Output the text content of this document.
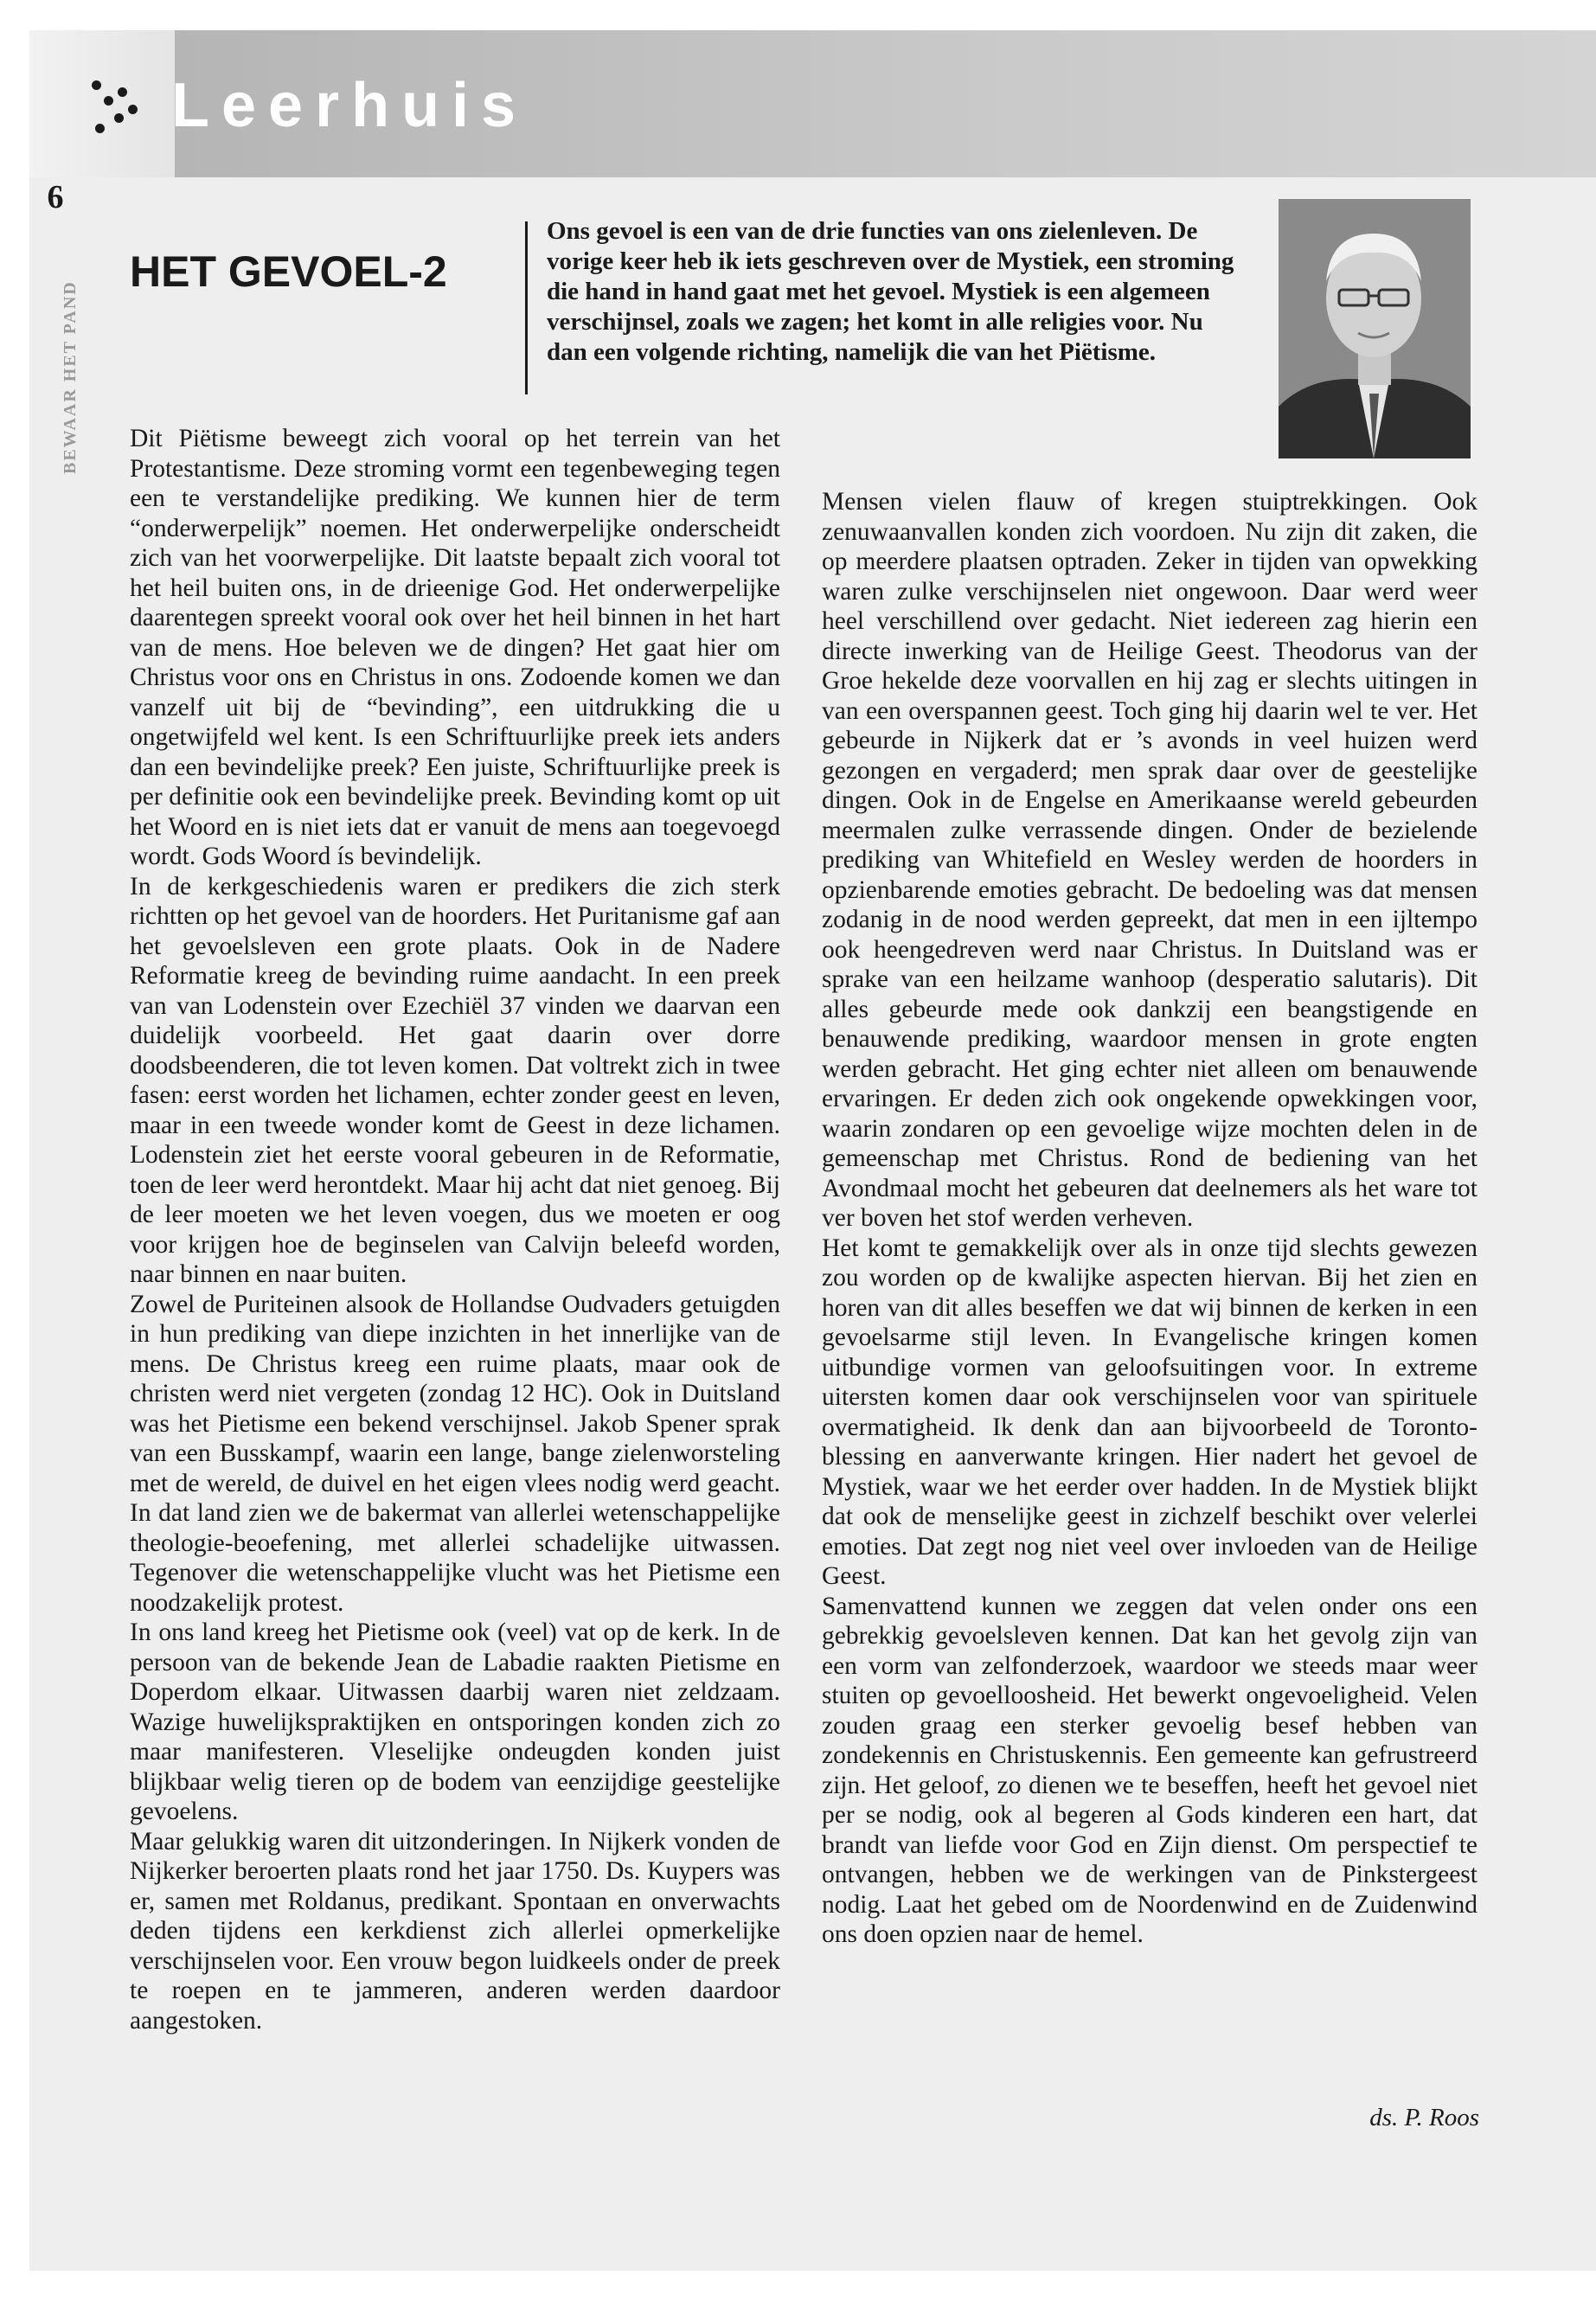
Leerhuis
6
BEWAAR HET PAND
HET GEVOEL-2
Ons gevoel is een van de drie functies van ons zielenleven. De vorige keer heb ik iets geschreven over de Mystiek, een stroming die hand in hand gaat met het gevoel. Mystiek is een algemeen verschijnsel, zoals we zagen; het komt in alle religies voor. Nu dan een volgende richting, namelijk die van het Piëtisme.

Dit Piëtisme beweegt zich vooral op het terrein van het Protestantisme. Deze stroming vormt een tegenbeweging tegen een te verstandelijke prediking. We kunnen hier de term “onderwerpelijk” noemen. Het onderwerpelijke onderscheidt zich van het voorwerpelijke. Dit laatste bepaalt zich vooral tot het heil buiten ons, in de drieenige God. Het onderwerpelijke daarentegen spreekt vooral ook over het heil binnen in het hart van de mens. Hoe beleven we de dingen? Het gaat hier om Christus voor ons en Christus in ons. Zodoende komen we dan vanzelf uit bij de “bevinding”, een uitdrukking die u ongetwijfeld wel kent. Is een Schriftuurlijke preek iets anders dan een bevindelijke preek? Een juiste, Schriftuurlijke preek is per definitie ook een bevindelijke preek. Bevinding komt op uit het Woord en is niet iets dat er vanuit de mens aan toegevoegd wordt. Gods Woord ís bevindelijk.

In de kerkgeschiedenis waren er predikers die zich sterk richtten op het gevoel van de hoorders. Het Puritanisme gaf aan het gevoelsleven een grote plaats. Ook in de Nadere Reformatie kreeg de bevinding ruime aandacht. In een preek van van Lodenstein over Ezechiël 37 vinden we daarvan een duidelijk voorbeeld. Het gaat daarin over dorre doodsbeenderen, die tot leven komen. Dat voltrekt zich in twee fasen: eerst worden het lichamen, echter zonder geest en leven, maar in een tweede wonder komt de Geest in deze lichamen. Lodenstein ziet het eerste vooral gebeuren in de Reformatie, toen de leer werd herontdekt. Maar hij acht dat niet genoeg. Bij de leer moeten we het leven voegen, dus we moeten er oog voor krijgen hoe de beginselen van Calvijn beleefd worden, naar binnen en naar buiten.

Zowel de Puriteinen alsook de Hollandse Oudvaders getuigden in hun prediking van diepe inzichten in het innerlijke van de mens. De Christus kreeg een ruime plaats, maar ook de christen werd niet vergeten (zondag 12 HC). Ook in Duitsland was het Pietisme een bekend verschijnsel. Jakob Spener sprak van een Busskampf, waarin een lange, bange zielenworsteling met de wereld, de duivel en het eigen vlees nodig werd geacht. In dat land zien we de bakermat van allerlei wetenschappelijke theologie-beoefening, met allerlei schadelijke uitwassen. Tegenover die wetenschappelijke vlucht was het Pietisme een noodzakelijk protest.

In ons land kreeg het Pietisme ook (veel) vat op de kerk. In de persoon van de bekende Jean de Labadie raakten Pietisme en Doperdom elkaar. Uitwassen daarbij waren niet zeldzaam. Wazige huwelijkspraktijken en ontsporingen konden zich zo maar manifesteren. Vleselijke ondeugden konden juist blijkbaar welig tieren op de bodem van eenzijdige geestelijke gevoelens.

Maar gelukkig waren dit uitzonderingen. In Nijkerk vonden de Nijkerker beroerten plaats rond het jaar 1750. Ds. Kuypers was er, samen met Roldanus, predikant. Spontaan en onverwachts deden tijdens een kerkdienst zich allerlei opmerkelijke verschijnselen voor. Een vrouw begon luidkeels onder de preek te roepen en te jammeren, anderen werden daardoor aangestoken.

Mensen vielen flauw of kregen stuiptrekkingen. Ook zenuwaanvallen konden zich voordoen. Nu zijn dit zaken, die op meerdere plaatsen optraden. Zeker in tijden van opwekking waren zulke verschijnselen niet ongewoon. Daar werd weer heel verschillend over gedacht. Niet iedereen zag hierin een directe inwerking van de Heilige Geest. Theodorus van der Groe hekelde deze voorvallen en hij zag er slechts uitingen in van een overspannen geest. Toch ging hij daarin wel te ver. Het gebeurde in Nijkerk dat er ’s avonds in veel huizen werd gezongen en vergaderd; men sprak daar over de geestelijke dingen. Ook in de Engelse en Amerikaanse wereld gebeurden meermalen zulke verrassende dingen. Onder de bezielende prediking van Whitefield en Wesley werden de hoorders in opzienbarende emoties gebracht. De bedoeling was dat mensen zodanig in de nood werden gepreekt, dat men in een ijltempo ook heengedreven werd naar Christus. In Duitsland was er sprake van een heilzame wanhoop (desperatio salutaris). Dit alles gebeurde mede ook dankzij een beangstigende en benauwende prediking, waardoor mensen in grote engten werden gebracht. Het ging echter niet alleen om benauwende ervaringen. Er deden zich ook ongekende opwekkingen voor, waarin zondaren op een gevoelige wijze mochten delen in de gemeenschap met Christus. Rond de bediening van het Avondmaal mocht het gebeuren dat deelnemers als het ware tot ver boven het stof werden verheven.

Het komt te gemakkelijk over als in onze tijd slechts gewezen zou worden op de kwalijke aspecten hiervan. Bij het zien en horen van dit alles beseffen we dat wij binnen de kerken in een gevoelsarme stijl leven. In Evangelische kringen komen uitbundige vormen van geloofsuitingen voor. In extreme uitersten komen daar ook verschijnselen voor van spirituele overmatigheid. Ik denk dan aan bijvoorbeeld de Toronto-blessing en aanverwante kringen. Hier nadert het gevoel de Mystiek, waar we het eerder over hadden. In de Mystiek blijkt dat ook de menselijke geest in zichzelf beschikt over velerlei emoties. Dat zegt nog niet veel over invloeden van de Heilige Geest.

Samenvattend kunnen we zeggen dat velen onder ons een gebrekkig gevoelsleven kennen. Dat kan het gevolg zijn van een vorm van zelfonderzoek, waardoor we steeds maar weer stuiten op gevoelloosheid. Het bewerkt ongevoeligheid. Velen zouden graag een sterker gevoelig besef hebben van zondekennis en Christuskennis. Een gemeente kan gefrustreerd zijn. Het geloof, zo dienen we te beseffen, heeft het gevoel niet per se nodig, ook al begeren al Gods kinderen een hart, dat brandt van liefde voor God en Zijn dienst. Om perspectief te ontvangen, hebben we de werkingen van de Pinkstergeest nodig. Laat het gebed om de Noordenwind en de Zuidenwind ons doen opzien naar de hemel.

ds. P. Roos
